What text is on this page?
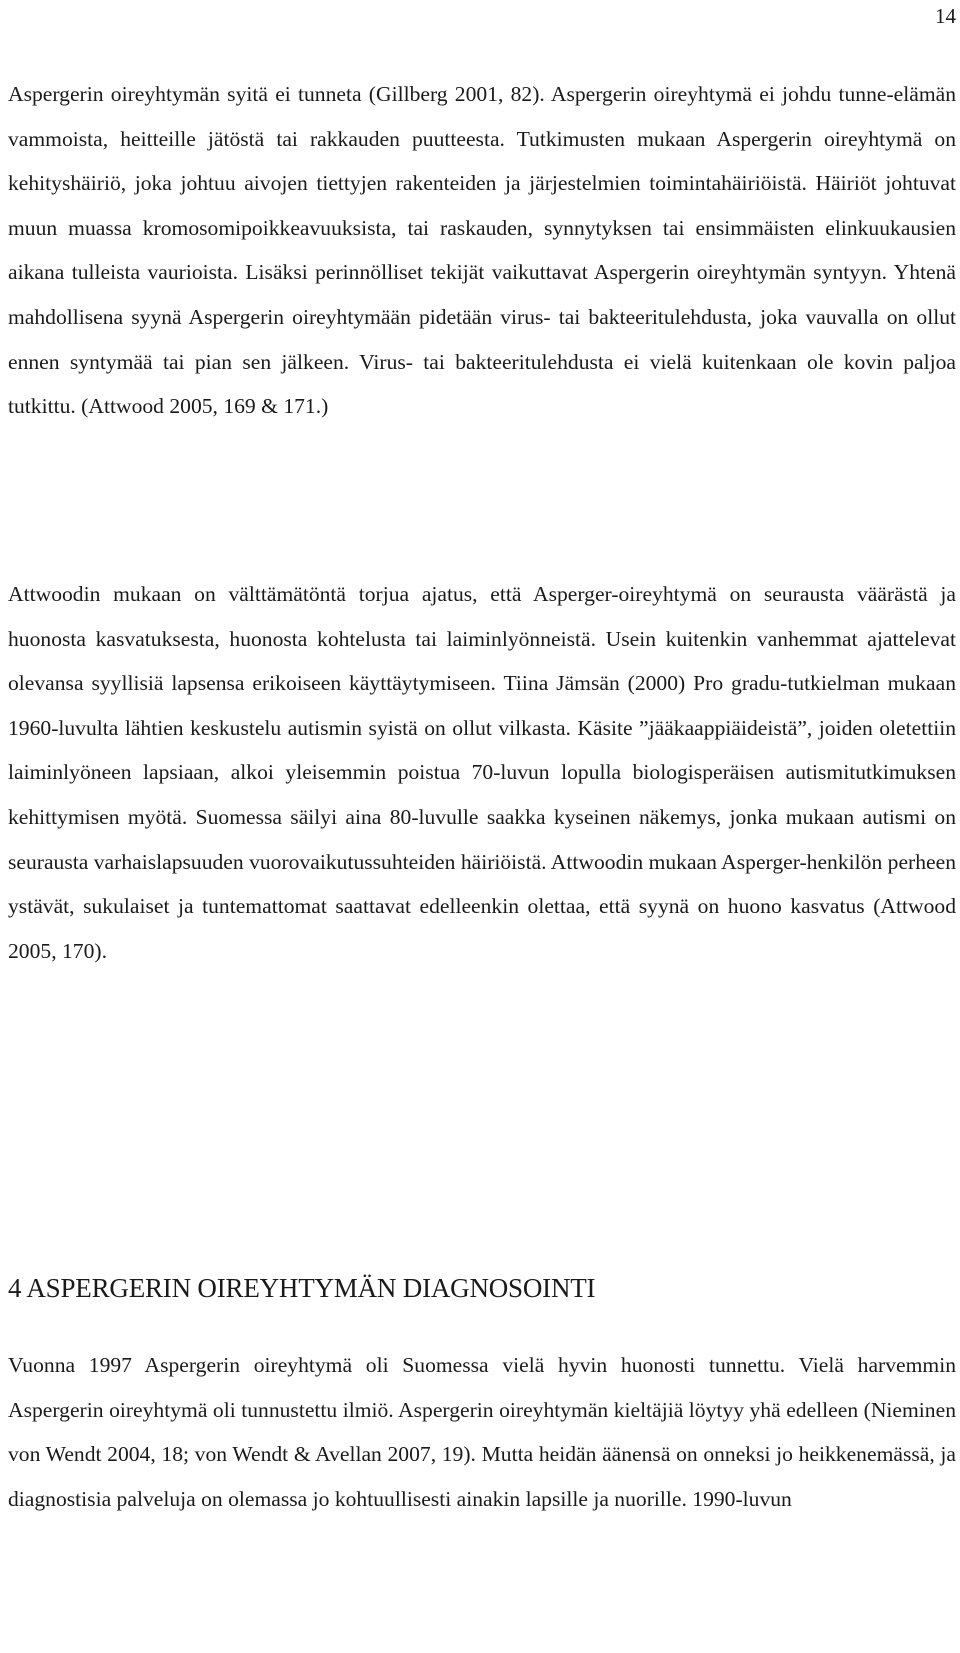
14

Aspergerin oireyhtymän syitä ei tunneta (Gillberg 2001, 82). Aspergerin oireyhtymä ei johdu tunne-elämän vammoista, heitteille jätöstä tai rakkauden puutteesta. Tutkimusten mukaan Aspergerin oireyhtymä on kehityshäiriö, joka johtuu aivojen tiettyjen rakenteiden ja järjestelmien toimintahäiriöistä. Häiriöt johtuvat muun muassa kromosomipoikkeavuuksista, tai raskauden, synnytyksen tai ensimmäisten elinkuukausien aikana tulleista vaurioista. Lisäksi perinnölliset tekijät vaikuttavat Aspergerin oireyhtymän syntyyn. Yhtenä mahdollisena syynä Aspergerin oireyhtymään pidetään virus- tai bakteeritulehdusta, joka vauvalla on ollut ennen syntymää tai pian sen jälkeen. Virus- tai bakteeritulehdusta ei vielä kuitenkaan ole kovin paljoa tutkittu. (Attwood 2005, 169 & 171.)

Attwoodin mukaan on välttämätöntä torjua ajatus, että Asperger-oireyhtymä on seurausta väärästä ja huonosta kasvatuksesta, huonosta kohtelusta tai laiminlyönneistä. Usein kuitenkin vanhemmat ajattelevat olevansa syyllisiä lapsensa erikoiseen käyttäytymiseen. Tiina Jämsän (2000) Pro gradu-tutkielman mukaan 1960-luvulta lähtien keskustelu autismin syistä on ollut vilkasta. Käsite ”jääkaappiäideistä”, joiden oletettiin laiminlyöneen lapsiaan, alkoi yleisemmin poistua 70-luvun lopulla biologisperäisen autismitutkimuksen kehittymisen myötä. Suomessa säilyi aina 80-luvulle saakka kyseinen näkemys, jonka mukaan autismi on seurausta varhaislapsuuden vuorovaikutussuhteiden häiriöistä. Attwoodin mukaan Asperger-henkilön perheen ystävät, sukulaiset ja tuntemattomat saattavat edelleenkin olettaa, että syynä on huono kasvatus (Attwood 2005, 170).

4 ASPERGERIN OIREYHTYMÄN DIAGNOSOINTI

Vuonna 1997 Aspergerin oireyhtymä oli Suomessa vielä hyvin huonosti tunnettu. Vielä harvemmin Aspergerin oireyhtymä oli tunnustettu ilmiö. Aspergerin oireyhtymän kieltäjiä löytyy yhä edelleen (Nieminen von Wendt 2004, 18; von Wendt & Avellan 2007, 19). Mutta heidän äänensä on onneksi jo heikkenemässä, ja diagnostisia palveluja on olemassa jo kohtuullisesti ainakin lapsille ja nuorille. 1990-luvun
